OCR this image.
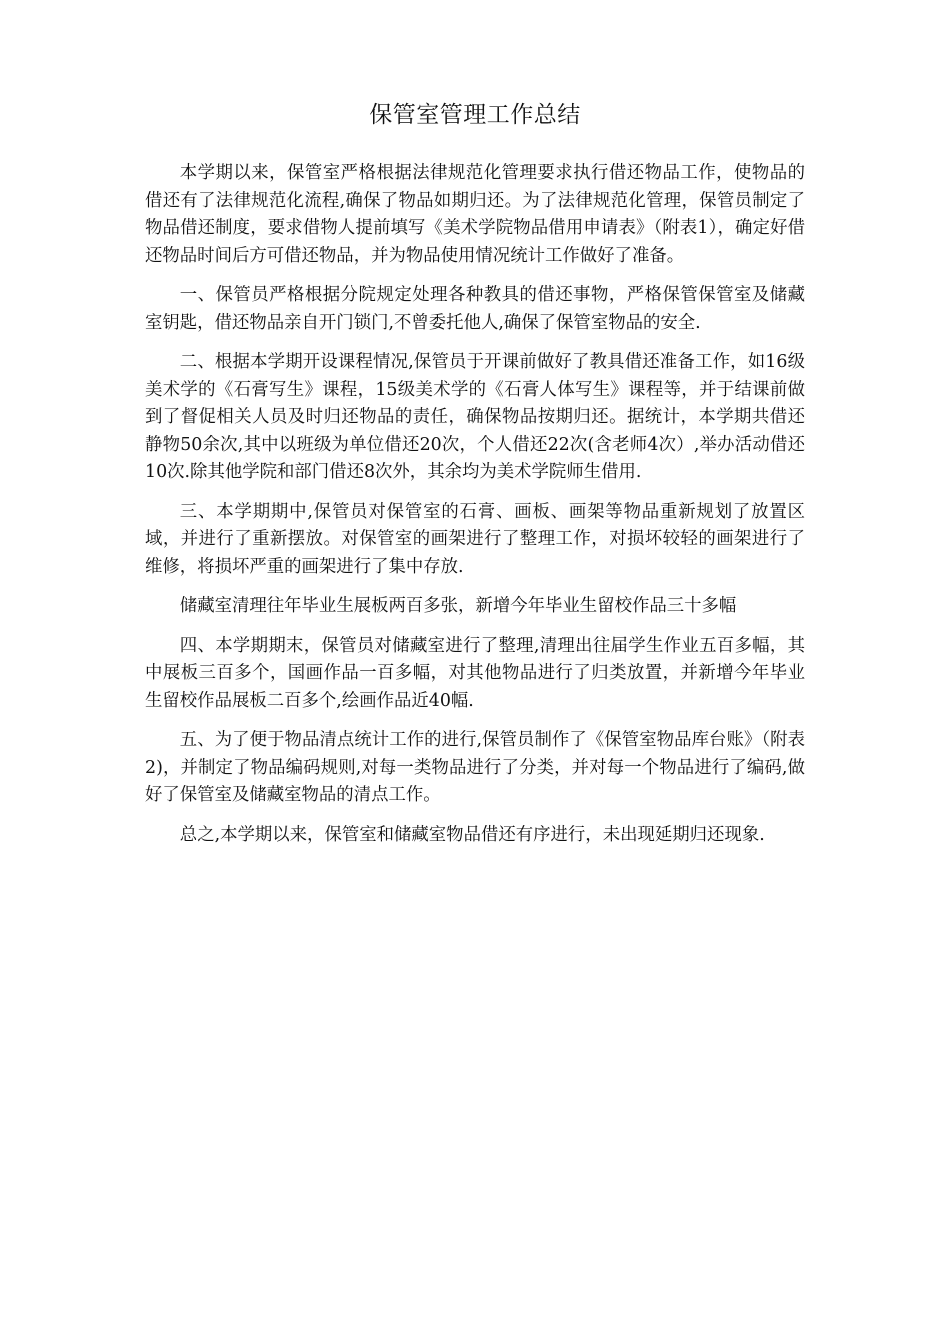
保管室管理工作总结

本学期以来，保管室严格根据法律规范化管理要求执行借还物品工作，使物品的借还有了法律规范化流程,确保了物品如期归还。为了法律规范化管理，保管员制定了物品借还制度，要求借物人提前填写《美术学院物品借用申请表》（附表1），确定好借还物品时间后方可借还物品，并为物品使用情况统计工作做好了准备。

一、保管员严格根据分院规定处理各种教具的借还事物，严格保管保管室及储藏室钥匙，借还物品亲自开门锁门,不曾委托他人,确保了保管室物品的安全.

二、根据本学期开设课程情况,保管员于开课前做好了教具借还准备工作，如16级美术学的《石膏写生》课程，15级美术学的《石膏人体写生》课程等，并于结课前做到了督促相关人员及时归还物品的责任，确保物品按期归还。据统计，本学期共借还静物50余次,其中以班级为单位借还20次，个人借还22次(含老师4次）,举办活动借还10次.除其他学院和部门借还8次外，其余均为美术学院师生借用.

三、本学期期中,保管员对保管室的石膏、画板、画架等物品重新规划了放置区域，并进行了重新摆放。对保管室的画架进行了整理工作，对损坏较轻的画架进行了维修，将损坏严重的画架进行了集中存放.

储藏室清理往年毕业生展板两百多张，新增今年毕业生留校作品三十多幅

四、本学期期末，保管员对储藏室进行了整理,清理出往届学生作业五百多幅，其中展板三百多个，国画作品一百多幅，对其他物品进行了归类放置，并新增今年毕业生留校作品展板二百多个,绘画作品近40幅.

五、为了便于物品清点统计工作的进行,保管员制作了《保管室物品库台账》（附表2)，并制定了物品编码规则,对每一类物品进行了分类，并对每一个物品进行了编码,做好了保管室及储藏室物品的清点工作。

总之,本学期以来，保管室和储藏室物品借还有序进行，未出现延期归还现象.
